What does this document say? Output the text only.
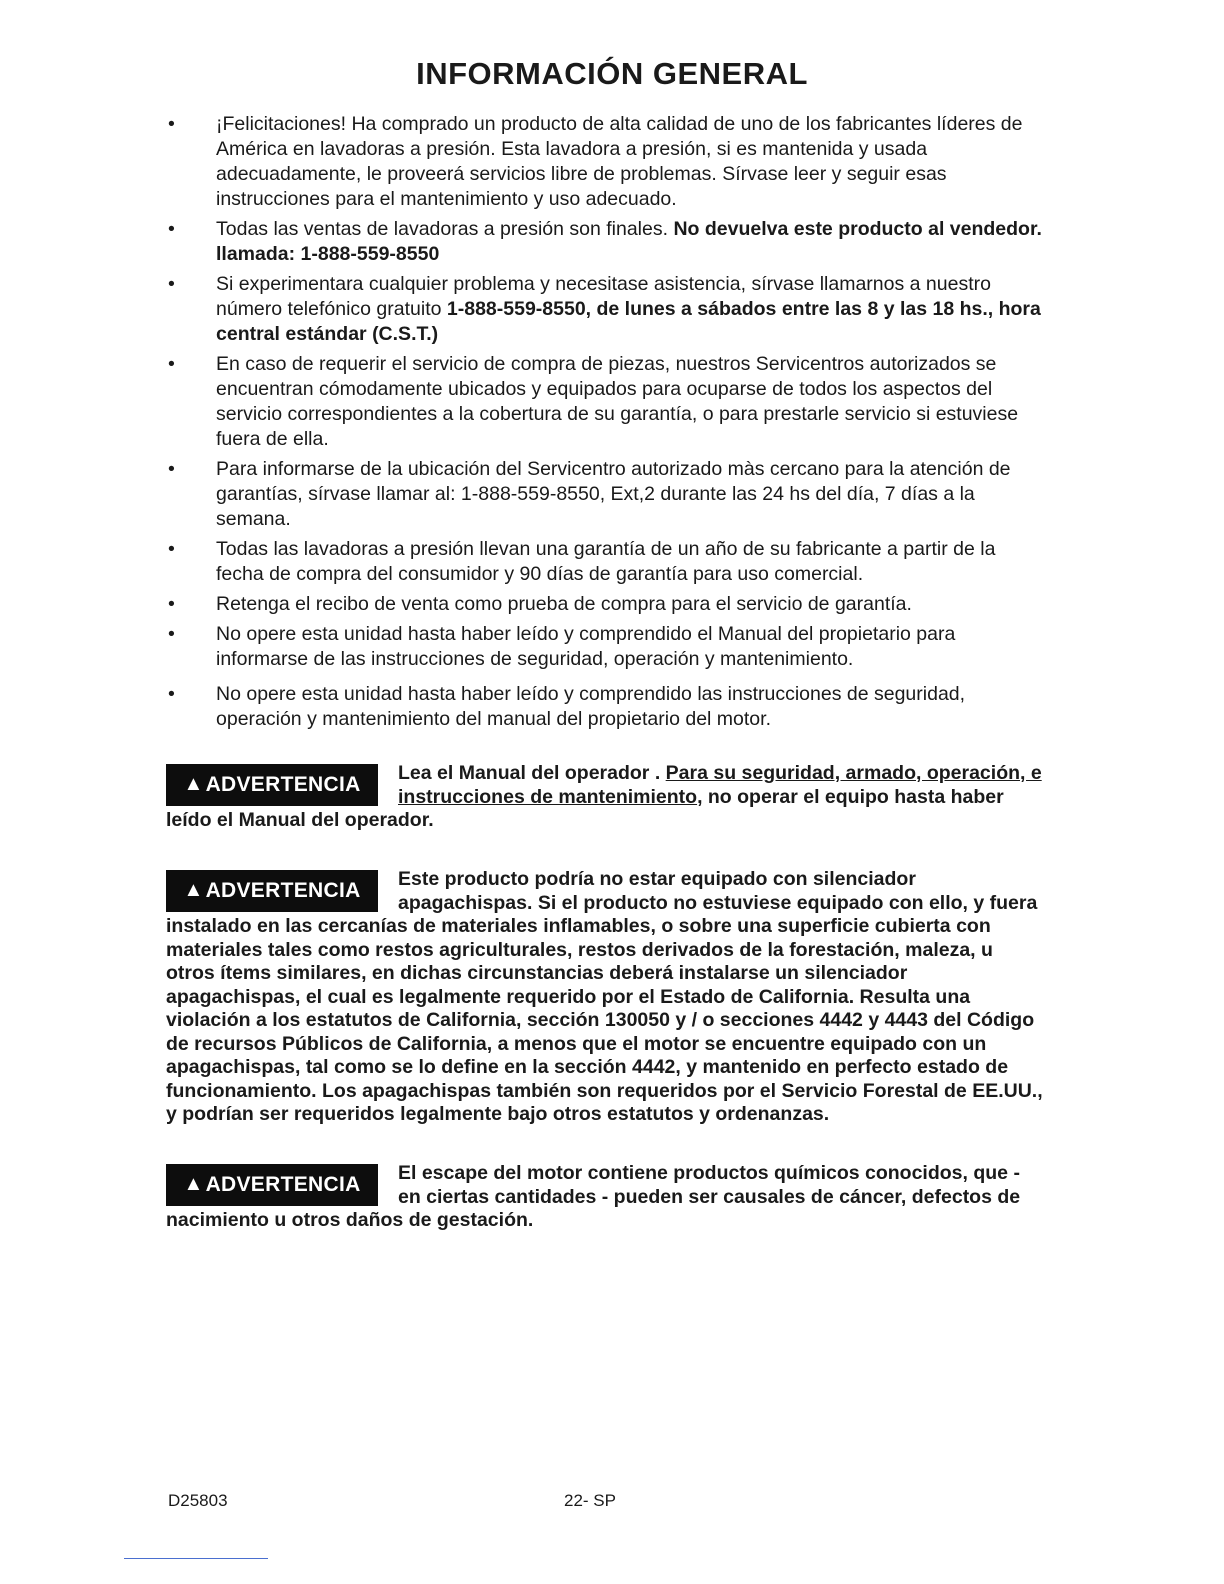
INFORMACIÓN GENERAL
• ¡Felicitaciones! Ha comprado un producto de alta calidad de uno de los fabricantes líderes de América en lavadoras a presión. Esta lavadora a presión, si es mantenida y usada adecuadamente, le proveerá servicios libre de problemas. Sírvase leer y seguir esas instrucciones para el mantenimiento y uso adecuado.
• Todas las ventas de lavadoras a presión son finales. No devuelva este producto al vendedor. llamada: 1-888-559-8550
• Si experimentara cualquier problema y necesitase asistencia, sírvase llamarnos a nuestro número telefónico gratuito 1-888-559-8550, de lunes a sábados entre las 8 y las 18 hs., hora central estándar (C.S.T.)
• En caso de requerir el servicio de compra de piezas, nuestros Servicentros autorizados se encuentran cómodamente ubicados y equipados para ocuparse de todos los aspectos del servicio correspondientes a la cobertura de su garantía, o para prestarle servicio si estuviese fuera de ella.
• Para informarse de la ubicación del Servicentro autorizado màs cercano para la atención de garantías, sírvase llamar al: 1-888-559-8550, Ext,2 durante las 24 hs del día, 7 días a la semana.
• Todas las lavadoras a presión llevan una garantía de un año de su fabricante a partir de la fecha de compra del consumidor y 90 días de garantía para uso comercial.
• Retenga el recibo de venta como prueba de compra para el servicio de garantía.
• No opere esta unidad hasta haber leído y comprendido el Manual del propietario para informarse de las instrucciones de seguridad, operación y mantenimiento.
• No opere esta unidad hasta haber leído y comprendido las instrucciones de seguridad, operación y mantenimiento del manual del propietario del motor.
▲ ADVERTENCIA
Lea el Manual del operador . Para su seguridad, armado, operación, e instrucciones de mantenimiento, no operar el equipo hasta haber leído el Manual del operador.
▲ ADVERTENCIA
Este producto podría no estar equipado con silenciador apagachispas. Si el producto no estuviese equipado con ello, y fuera instalado en las cercanías de materiales inflamables, o sobre una superficie cubierta con materiales tales como restos agriculturales, restos derivados de la forestación, maleza, u otros ítems similares, en dichas circunstancias deberá instalarse un silenciador apagachispas, el cual es legalmente requerido por el Estado de California. Resulta una violación a los estatutos de California, sección 130050 y / o secciones 4442 y 4443 del Código de recursos Públicos de California, a menos que el motor se encuentre equipado con un apagachispas, tal como se lo define en la sección 4442, y mantenido en perfecto estado de funcionamiento. Los apagachispas también son requeridos por el Servicio Forestal de EE.UU., y podrían ser requeridos legalmente bajo otros estatutos y ordenanzas.
▲ ADVERTENCIA
El escape del motor contiene productos químicos conocidos, que - en ciertas cantidades - pueden ser causales de cáncer, defectos de nacimiento u otros daños de gestación.
D25803	22- SP
